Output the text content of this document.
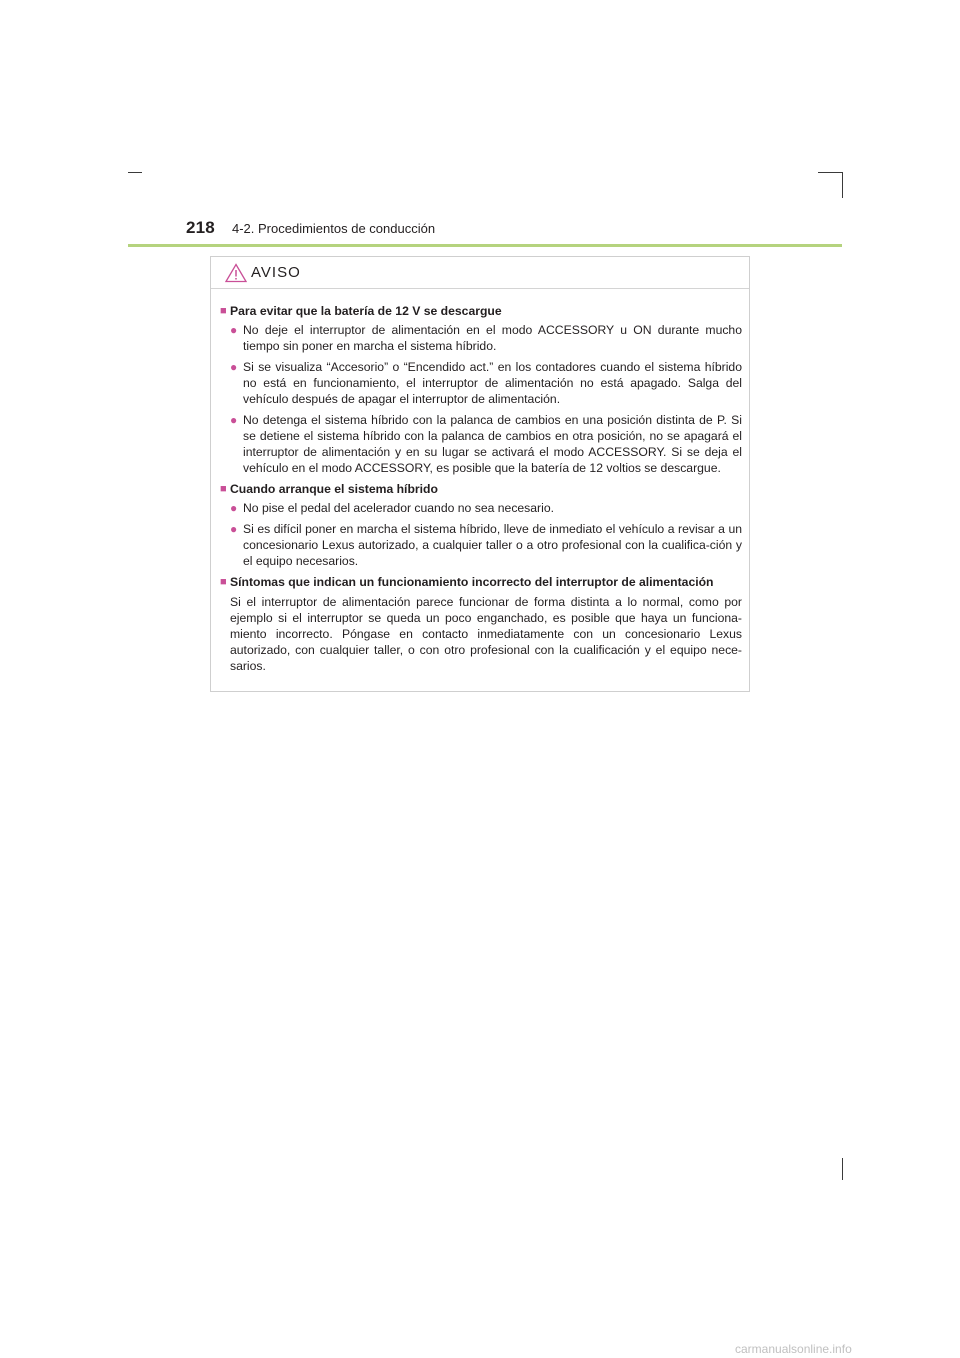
218 4-2. Procedimientos de conducción
AVISO
■ Para evitar que la batería de 12 V se descargue
● No deje el interruptor de alimentación en el modo ACCESSORY u ON durante mucho tiempo sin poner en marcha el sistema híbrido.
● Si se visualiza “Accesorio” o “Encendido act.” en los contadores cuando el sistema híbrido no está en funcionamiento, el interruptor de alimentación no está apagado. Salga del vehículo después de apagar el interruptor de alimentación.
● No detenga el sistema híbrido con la palanca de cambios en una posición distinta de P. Si se detiene el sistema híbrido con la palanca de cambios en otra posición, no se apagará el interruptor de alimentación y en su lugar se activará el modo ACCESSORY. Si se deja el vehículo en el modo ACCESSORY, es posible que la batería de 12 voltios se descargue.
■ Cuando arranque el sistema híbrido
● No pise el pedal del acelerador cuando no sea necesario.
● Si es difícil poner en marcha el sistema híbrido, lleve de inmediato el vehículo a revisar a un concesionario Lexus autorizado, a cualquier taller o a otro profesional con la cualifica-ción y el equipo necesarios.
■ Síntomas que indican un funcionamiento incorrecto del interruptor de alimentación
Si el interruptor de alimentación parece funcionar de forma distinta a lo normal, como por ejemplo si el interruptor se queda un poco enganchado, es posible que haya un funciona-miento incorrecto. Póngase en contacto inmediatamente con un concesionario Lexus autorizado, con cualquier taller, o con otro profesional con la cualificación y el equipo nece-sarios.
carmanualsonline.info
